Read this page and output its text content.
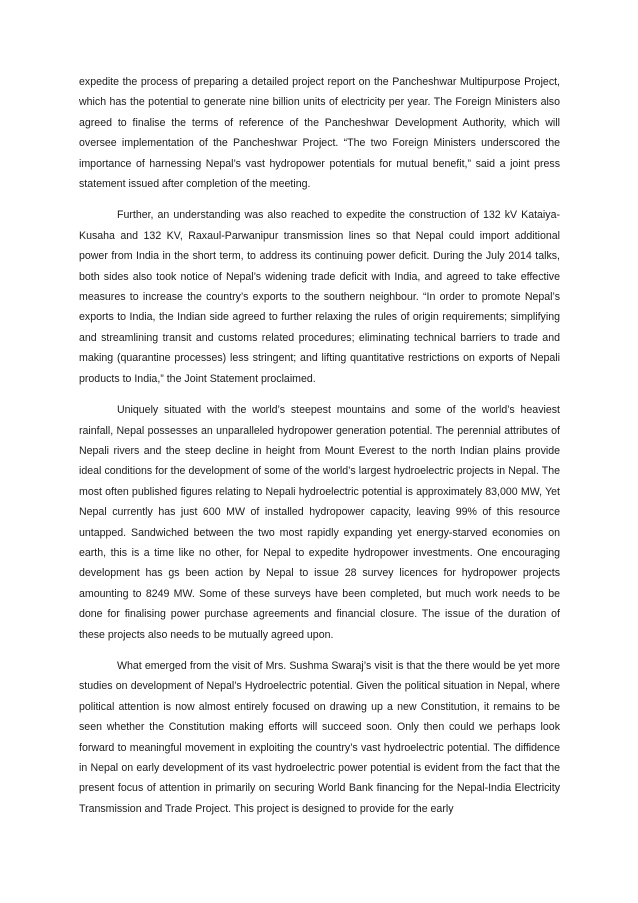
expedite the process of preparing a detailed project report on the Pancheshwar Multipurpose Project, which has the potential to generate nine billion units of electricity per year. The Foreign Ministers also agreed to finalise the terms of reference of the Pancheshwar Development Authority, which will oversee implementation of the Pancheshwar Project. “The two Foreign Ministers underscored the importance of harnessing Nepal’s vast hydropower potentials for mutual benefit,” said a joint press statement issued after completion of the meeting.

Further, an understanding was also reached to expedite the construction of 132 kV Kataiya-Kusaha and 132 KV, Raxaul-Parwanipur transmission lines so that Nepal could import additional power from India in the short term, to address its continuing power deficit. During the July 2014 talks, both sides also took notice of Nepal’s widening trade deficit with India, and agreed to take effective measures to increase the country’s exports to the southern neighbour. “In order to promote Nepal’s exports to India, the Indian side agreed to further relaxing the rules of origin requirements; simplifying and streamlining transit and customs related procedures; eliminating technical barriers to trade and making (quarantine processes) less stringent; and lifting quantitative restrictions on exports of Nepali products to India,” the Joint Statement proclaimed.

Uniquely situated with the world’s steepest mountains and some of the world’s heaviest rainfall, Nepal possesses an unparalleled hydropower generation potential. The perennial attributes of Nepali rivers and the steep decline in height from Mount Everest to the north Indian plains provide ideal conditions for the development of some of the world’s largest hydroelectric projects in Nepal. The most often published figures relating to Nepali hydroelectric potential is approximately 83,000 MW, Yet Nepal currently has just 600 MW of installed hydropower capacity, leaving 99% of this resource untapped. Sandwiched between the two most rapidly expanding yet energy-starved economies on earth, this is a time like no other, for Nepal to expedite hydropower investments. One encouraging development has gs been action by Nepal to issue 28 survey licences for hydropower projects amounting to 8249 MW. Some of these surveys have been completed, but much work needs to be done for finalising power purchase agreements and financial closure. The issue of the duration of these projects also needs to be mutually agreed upon.

What emerged from the visit of Mrs. Sushma Swaraj’s visit is that the there would be yet more studies on development of Nepal’s Hydroelectric potential. Given the political situation in Nepal, where political attention is now almost entirely focused on drawing up a new Constitution, it remains to be seen whether the Constitution making efforts will succeed soon. Only then could we perhaps look forward to meaningful movement in exploiting the country’s vast hydroelectric potential. The diffidence in Nepal on early development of its vast hydroelectric power potential is evident from the fact that the present focus of attention in primarily on securing World Bank financing for the Nepal-India Electricity Transmission and Trade Project. This project is designed to provide for the early
